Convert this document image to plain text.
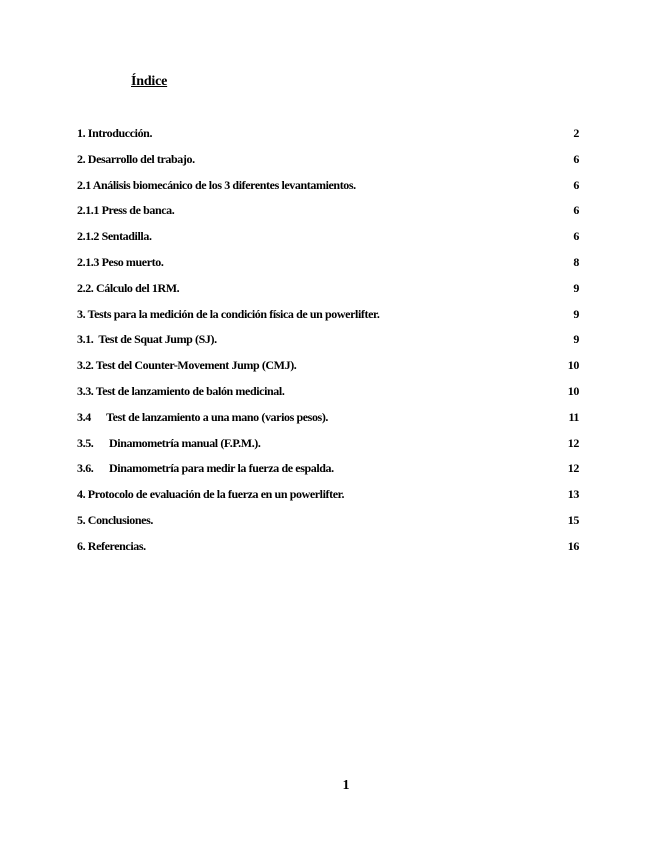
Índice
1. Introducción.	2
2. Desarrollo del trabajo.	6
2.1 Análisis biomecánico de los 3 diferentes levantamientos.	6
2.1.1 Press de banca.	6
2.1.2 Sentadilla.	6
2.1.3 Peso muerto.	8
2.2. Cálculo del 1RM.	9
3. Tests para la medición de la condición física de un powerlifter.	9
3.1.  Test de Squat Jump (SJ).	9
3.2. Test del Counter-Movement Jump (CMJ).	10
3.3. Test de lanzamiento de balón medicinal.	10
3.4      Test de lanzamiento a una mano (varios pesos).	11
3.5.      Dinamometría manual (F.P.M.).	12
3.6.      Dinamometría para medir la fuerza de espalda.	12
4. Protocolo de evaluación de la fuerza en un powerlifter.	13
5. Conclusiones.	15
6. Referencias.	16
1
